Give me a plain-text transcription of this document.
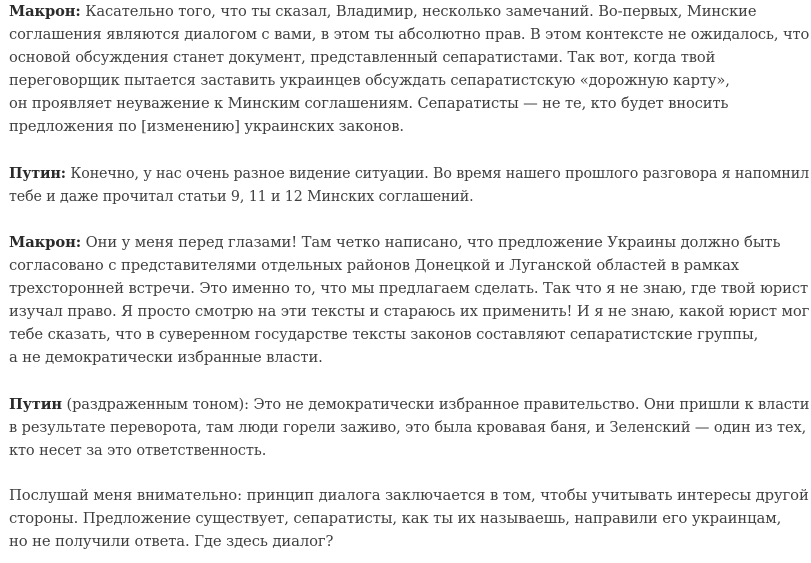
Макрон: Касательно того, что ты сказал, Владимир, несколько замечаний. Во-первых, Минские
соглашения являются диалогом с вами, в этом ты абсолютно прав. В этом контексте не ожидалось, что
основой обсуждения станет документ, представленный сепаратистами. Так вот, когда твой
переговорщик пытается заставить украинцев обсуждать сепаратистскую «дорожную карту»,
он проявляет неуважение к Минским соглашениям. Сепаратисты — не те, кто будет вносить
предложения по [изменению] украинских законов.

Путин: Конечно, у нас очень разное видение ситуации. Во время нашего прошлого разговора я напомнил
тебе и даже прочитал статьи 9, 11 и 12 Минских соглашений.

Макрон: Они у меня перед глазами! Там четко написано, что предложение Украины должно быть
согласовано с представителями отдельных районов Донецкой и Луганской областей в рамках
трехсторонней встречи. Это именно то, что мы предлагаем сделать. Так что я не знаю, где твой юрист
изучал право. Я просто смотрю на эти тексты и стараюсь их применить! И я не знаю, какой юрист мог
тебе сказать, что в суверенном государстве тексты законов составляют сепаратистские группы,
а не демократически избранные власти.

Путин (раздраженным тоном): Это не демократически избранное правительство. Они пришли к власти
в результате переворота, там люди горели заживо, это была кровавая баня, и Зеленский — один из тех,
кто несет за это ответственность.

Послушай меня внимательно: принцип диалога заключается в том, чтобы учитывать интересы другой
стороны. Предложение существует, сепаратисты, как ты их называешь, направили его украинцам,
но не получили ответа. Где здесь диалог?
